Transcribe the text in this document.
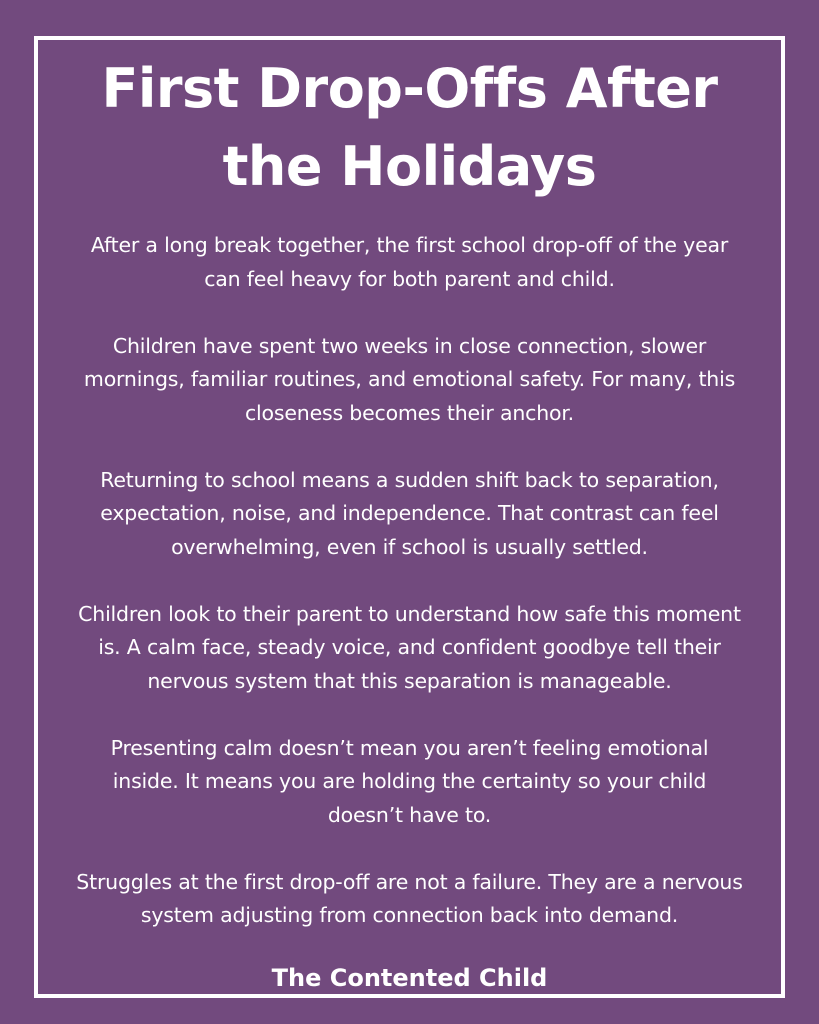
First Drop-Offs After the Holidays

After a long break together, the first school drop-off of the year can feel heavy for both parent and child.

Children have spent two weeks in close connection, slower mornings, familiar routines, and emotional safety. For many, this closeness becomes their anchor.

Returning to school means a sudden shift back to separation, expectation, noise, and independence. That contrast can feel overwhelming, even if school is usually settled.

Children look to their parent to understand how safe this moment is. A calm face, steady voice, and confident goodbye tell their nervous system that this separation is manageable.

Presenting calm doesn’t mean you aren’t feeling emotional inside. It means you are holding the certainty so your child doesn’t have to.

Struggles at the first drop-off are not a failure. They are a nervous system adjusting from connection back into demand.

The Contented Child
